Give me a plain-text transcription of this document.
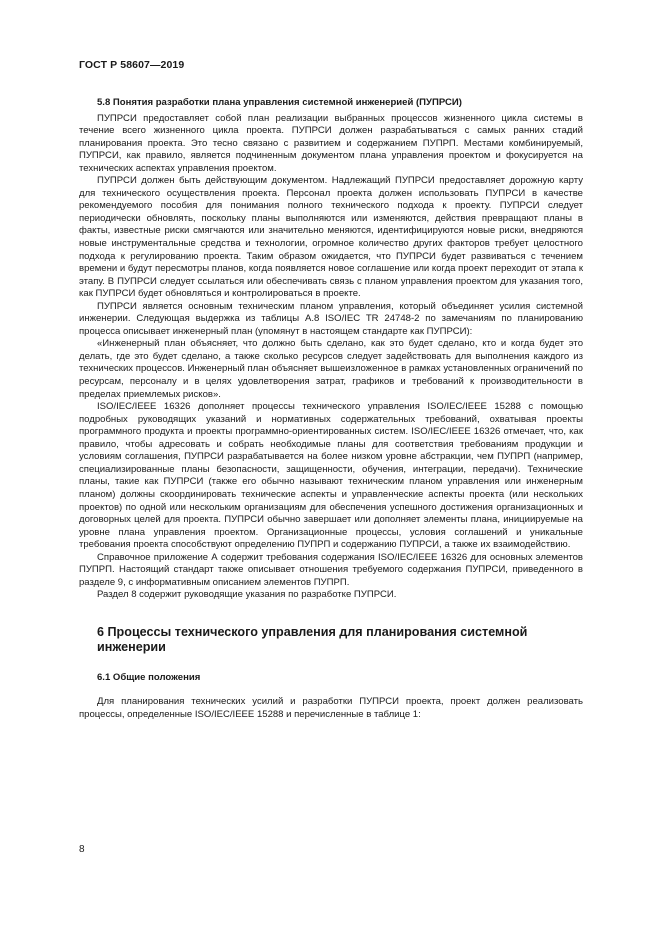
ГОСТ Р 58607—2019
5.8 Понятия разработки плана управления системной инженерией (ПУПРСИ)

ПУПРСИ предоставляет собой план реализации выбранных процессов жизненного цикла системы в течение всего жизненного цикла проекта. ПУПРСИ должен разрабатываться с самых ранних стадий планирования проекта. Это тесно связано с развитием и содержанием ПУПРП. Местами комбинируемый, ПУПРСИ, как правило, является подчиненным документом плана управления проектом и фокусируется на технических аспектах управления проектом.

ПУПРСИ должен быть действующим документом. Надлежащий ПУПРСИ предоставляет дорожную карту для технического осуществления проекта. Персонал проекта должен использовать ПУПРСИ в качестве рекомендуемого пособия для понимания полного технического подхода к проекту. ПУПРСИ следует периодически обновлять, поскольку планы выполняются или изменяются, действия превращают планы в факты, известные риски смягчаются или значительно меняются, идентифицируются новые риски, внедряются новые инструментальные средства и технологии, огромное количество других факторов требует целостного подхода к регулированию проекта. Таким образом ожидается, что ПУПРСИ будет развиваться с течением времени и будут пересмотры планов, когда появляется новое соглашение или когда проект переходит от этапа к этапу. В ПУПРСИ следует ссылаться или обеспечивать связь с планом управления проектом для указания того, как ПУПРСИ будет обновляться и контролироваться в проекте.

ПУПРСИ является основным техническим планом управления, который объединяет усилия системной инженерии. Следующая выдержка из таблицы А.8 ISO/IEC TR 24748-2 по замечаниям по планированию процесса описывает инженерный план (упомянут в настоящем стандарте как ПУПРСИ):

«Инженерный план объясняет, что должно быть сделано, как это будет сделано, кто и когда будет это делать, где это будет сделано, а также сколько ресурсов следует задействовать для выполнения каждого из технических процессов. Инженерный план объясняет вышеизложенное в рамках установленных ограничений по ресурсам, персоналу и в целях удовлетворения затрат, графиков и требований к производительности в пределах приемлемых рисков».

ISO/IEC/IEEE 16326 дополняет процессы технического управления ISO/IEC/IEEE 15288 с помощью подробных руководящих указаний и нормативных содержательных требований, охватывая проекты программного продукта и проекты программно-ориентированных систем. ISO/IEC/IEEE 16326 отмечает, что, как правило, чтобы адресовать и собрать необходимые планы для соответствия требованиям продукции и условиям соглашения, ПУПРСИ разрабатывается на более низком уровне абстракции, чем ПУПРП (например, специализированные планы безопасности, защищенности, обучения, интеграции, передачи). Технические планы, такие как ПУПРСИ (также его обычно называют техническим планом управления или инженерным планом) должны скоординировать технические аспекты и управленческие аспекты проекта (или нескольких проектов) по одной или нескольким организациям для обеспечения успешного достижения организационных и договорных целей для проекта. ПУПРСИ обычно завершает или дополняет элементы плана, инициируемые на уровне плана управления проектом. Организационные процессы, условия соглашений и уникальные требования проекта способствуют определению ПУПРП и содержанию ПУПРСИ, а также их взаимодействию.

Справочное приложение А содержит требования содержания ISO/IEC/IEEE 16326 для основных элементов ПУПРП. Настоящий стандарт также описывает отношения требуемого содержания ПУПРСИ, приведенного в разделе 9, с информативным описанием элементов ПУПРП.

Раздел 8 содержит руководящие указания по разработке ПУПРСИ.

6 Процессы технического управления для планирования системной инженерии
6.1 Общие положения

Для планирования технических усилий и разработки ПУПРСИ проекта, проект должен реализовать процессы, определенные ISO/IEC/IEEE 15288 и перечисленные в таблице 1:

8
